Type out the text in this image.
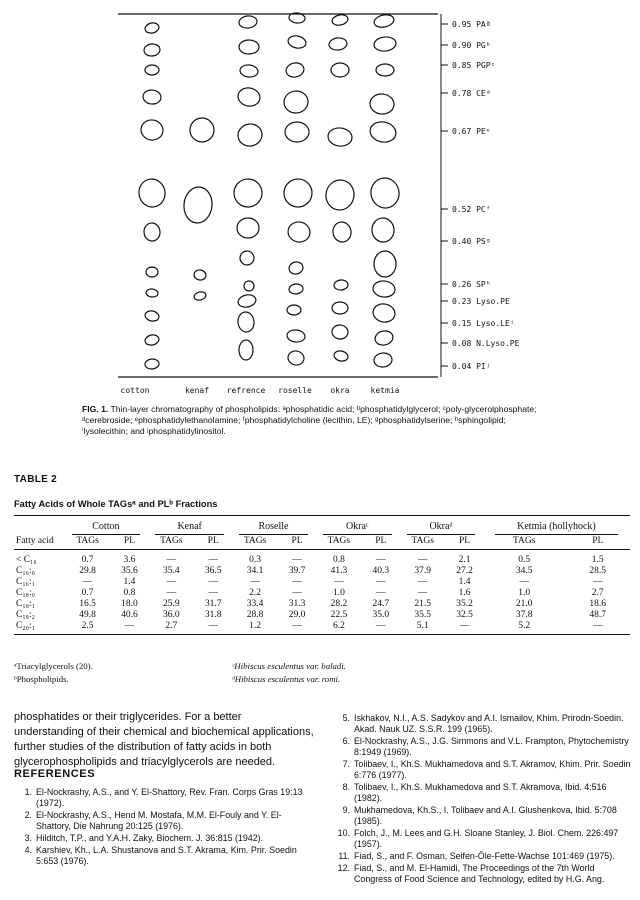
0.95 PAª
0.90 PGᵇ
0.85 PGPᶜ
0.78 CEᵈ
0.67 PEᵉ
0.52 PCᶠ
0.40 PSᵍ
0.26 SPʰ
0.23 Lyso.PE
0.15 Lyso.LEⁱ
0.08 N.Lyso.PE
0.04 PIʲ
cotton	kenaf refrence roselle okra	ketmia
FIG. 1. Thin-layer chromatography of phospholipids: ᵃphosphatidic acid; ᵇphosphatidylglycerol; ᶜpoly-glycerolphosphate; ᵈcerebroside; ᵉphosphatidylethanolamine; ᶠphosphatidylcholine (lecithin, LE); ᵍphosphatidylserine; ʰsphingolipid; ⁱlysolecithin; and ʲphosphatidylinositol.
TABLE 2
Fatty Acids of Whole TAGsᵃ and PLᵇ Fractions
	Cotton		Kenaf		Roselle		Okraᶜ		Okraᵈ		Ketmia (hollyhock)	
Fatty acid	TAGs	PL	TAGs	PL	TAGs	PL	TAGs	PL	TAGs	PL	TAGs	PL
< C₁₆	0.7	3.6	—	—	0.3	—	0.8	—	—	2.1	0.5	1.5
C₁₆:₀	29.8	35.6	35.4	36.5	34.1	39.7	41.3	40.3	37.9	27.2	34.5	28.5
C₁₆:₁	—	1.4	—	—	—	—	—	—	—	1.4	—	—
C₁₈:₀	0.7	0.8	—	—	2.2	—	1.0	—	—	1.6	1.0	2.7
C₁₈:₁	16.5	18.0	25.9	31.7	33.4	31.3	28.2	24.7	21.5	35.2	21.0	18.6
C₁₈:₂	49.8	40.6	36.0	31.8	28.8	29.0	22.5	35.0	35.5	32.5	37.8	48.7
C₂₀:₁	2.5	—	2.7	—	1.2	—	6.2	—	5.1	—	5.2	—
ᵃTriacylglycerols (20).
ᵇPhospholipids.
ᶜHibiscus esculentus var. baladi.
ᵈHibiscus esculentus var. romi.
phosphatides or their triglycerides. For a better understanding of their chemical and biochemical applications, further studies of the distribution of fatty acids in both glycerophospholipids and triacylglycerols are needed.
REFERENCES
1. El-Nockrashy, A.S., and Y. El-Shattory, Rev. Fran. Corps Gras 19:13 (1972).
2. El-Nockrashy, A.S., Hend M. Mostafa, M.M. El-Fouly and Y. El-Shattory, Die Nahrung 20:125 (1976).
3. Hilditch, T.P., and Y.A.H. Zaky, Biochem. J. 36:815 (1942).
4. Karshiev, Kh., L.A. Shustanova and S.T. Akrama, Kim. Prir. Soedin 5:653 (1976).
5. Iskhakov, N.I., A.S. Sadykov and A.I. Ismailov, Khim. Prirodn-Soedin. Akad. Nauk UZ. S.S.R. 199 (1965).
6. El-Nockrashy, A.S., J.G. Simmons and V.L. Frampton, Phytochemistry 8:1949 (1969).
7. Tolibaev, I., Kh.S. Mukhamedova and S.T. Akramov, Khim. Prir. Soedin 6:776 (1977).
8. Tolibaev, I., Kh.S. Mukhamedova and S.T. Akramova, Ibid. 4:516 (1982).
9. Mukhamedova, Kh.S., I. Tolibaev and A.I. Glushenkova, Ibid. 5:708 (1985).
10. Folch, J., M. Lees and G.H. Sloane Stanley, J. Biol. Chem. 226:497 (1957).
11. Fiad, S., and F. Osman, Seifen-Öle-Fette-Wachse 101:469 (1975).
12. Fiad, S., and M. El-Hamidi, The Proceedings of the 7th World Congress of Food Science and Technology, edited by H.G. Ang.
